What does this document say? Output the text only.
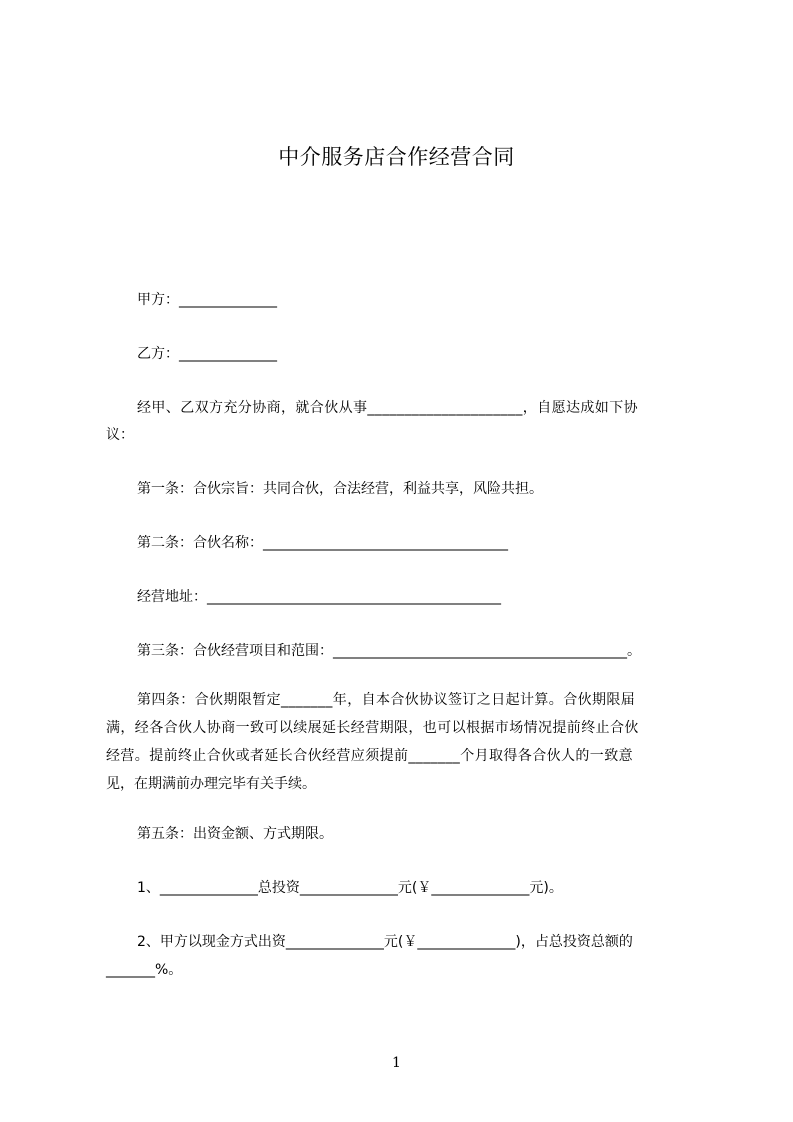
中介服务店合作经营合同
甲方：______________
乙方：______________
经甲、乙双方充分协商，就合伙从事_____________________，自愿达成如下协
议：
第一条：合伙宗旨：共同合伙，合法经营，利益共享，风险共担。
第二条：合伙名称：___________________________________
经营地址：__________________________________________
第三条：合伙经营项目和范围：__________________________________________。
第四条：合伙期限暂定_______年，自本合伙协议签订之日起计算。合伙期限届
满，经各合伙人协商一致可以续展延长经营期限，也可以根据市场情况提前终止合伙
经营。提前终止合伙或者延长合伙经营应须提前_______个月取得各合伙人的一致意
见，在期满前办理完毕有关手续。
第五条：出资金额、方式期限。
1、______________总投资______________元(￥______________元)。
2、甲方以现金方式出资______________元(￥______________)，占总投资总额的
_______%。
1
